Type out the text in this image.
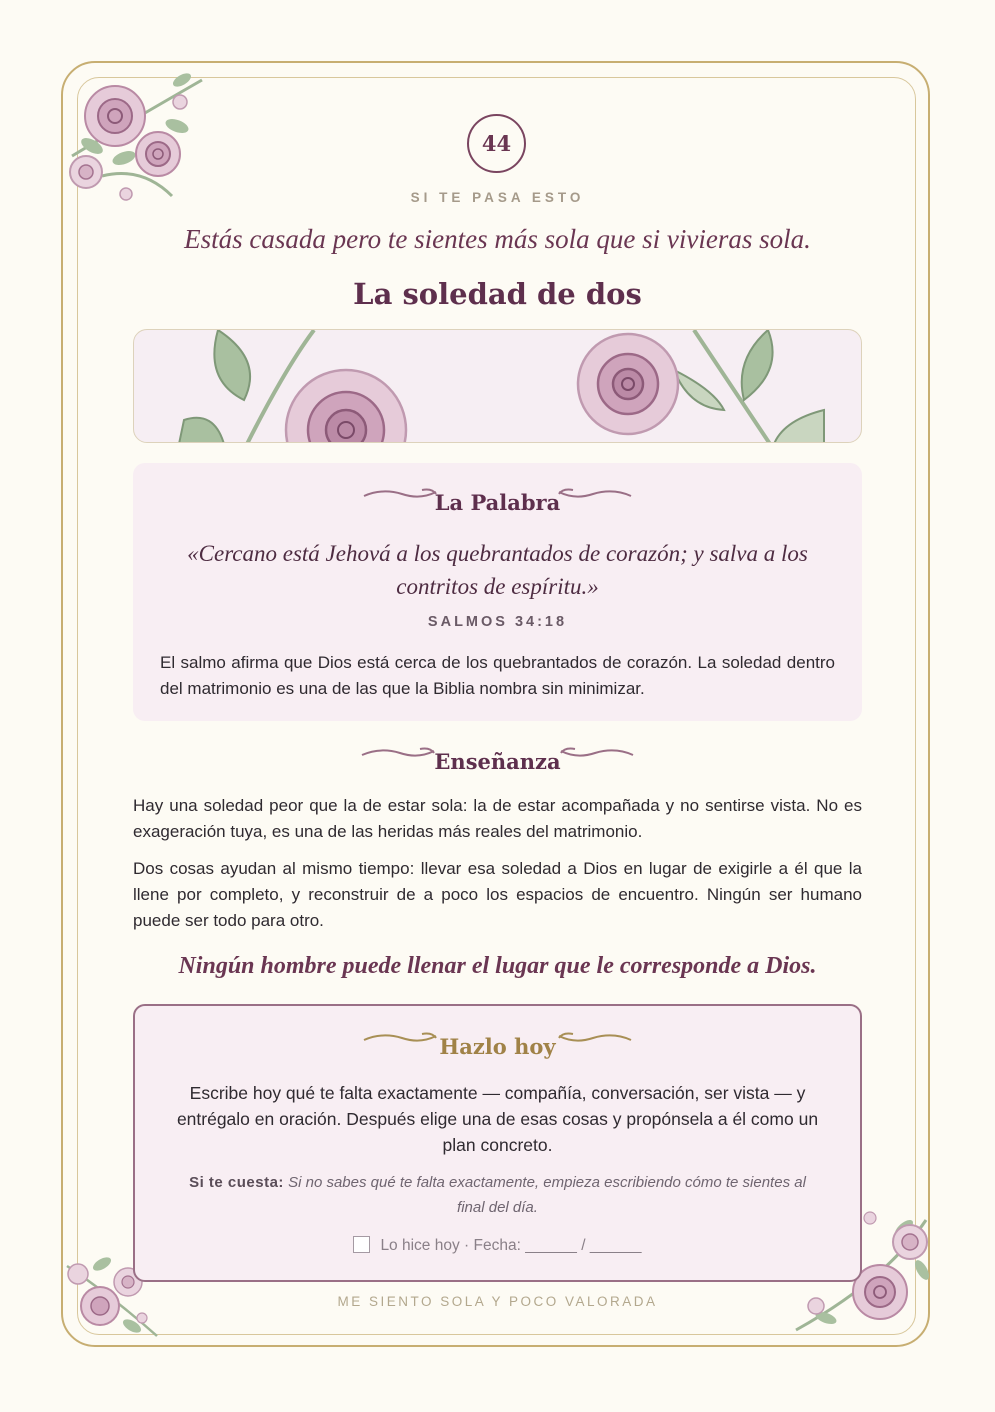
44
SI TE PASA ESTO
Estás casada pero te sientes más sola que si vivieras sola.
La soledad de dos
La Palabra
«Cercano está Jehová a los quebrantados de corazón; y salva a los contritos de espíritu.»
SALMOS 34:18
El salmo afirma que Dios está cerca de los quebrantados de corazón. La soledad dentro del matrimonio es una de las que la Biblia nombra sin minimizar.
Enseñanza
Hay una soledad peor que la de estar sola: la de estar acompañada y no sentirse vista. No es exageración tuya, es una de las heridas más reales del matrimonio.
Dos cosas ayudan al mismo tiempo: llevar esa soledad a Dios en lugar de exigirle a él que la llene por completo, y reconstruir de a poco los espacios de encuentro. Ningún ser humano puede ser todo para otro.
Ningún hombre puede llenar el lugar que le corresponde a Dios.
Hazlo hoy
Escribe hoy qué te falta exactamente — compañía, conversación, ser vista — y entrégalo en oración. Después elige una de esas cosas y propónsela a él como un plan concreto.
Si te cuesta: Si no sabes qué te falta exactamente, empieza escribiendo cómo te sientes al final del día.
Lo hice hoy · Fecha: ______ / ______
ME SIENTO SOLA Y POCO VALORADA
